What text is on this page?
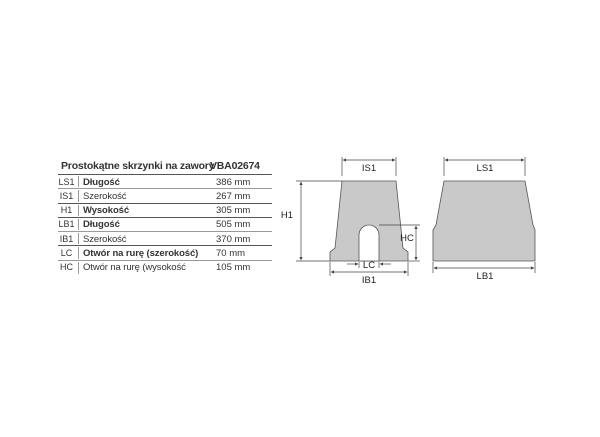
Prostokątne skrzynki na zawory
VBA02674
LS1 Długość	386 mm
IS1 Szerokość	267 mm
H1 Wysokość	305 mm
LB1 Długość	505 mm
IB1 Szerokość	370 mm
LC Otwór na rurę (szerokość) 70 mm
HC Otwór na rurę (wysokość	105 mm
IS1	LS1
H1
HC
LC
IB1	LB1
